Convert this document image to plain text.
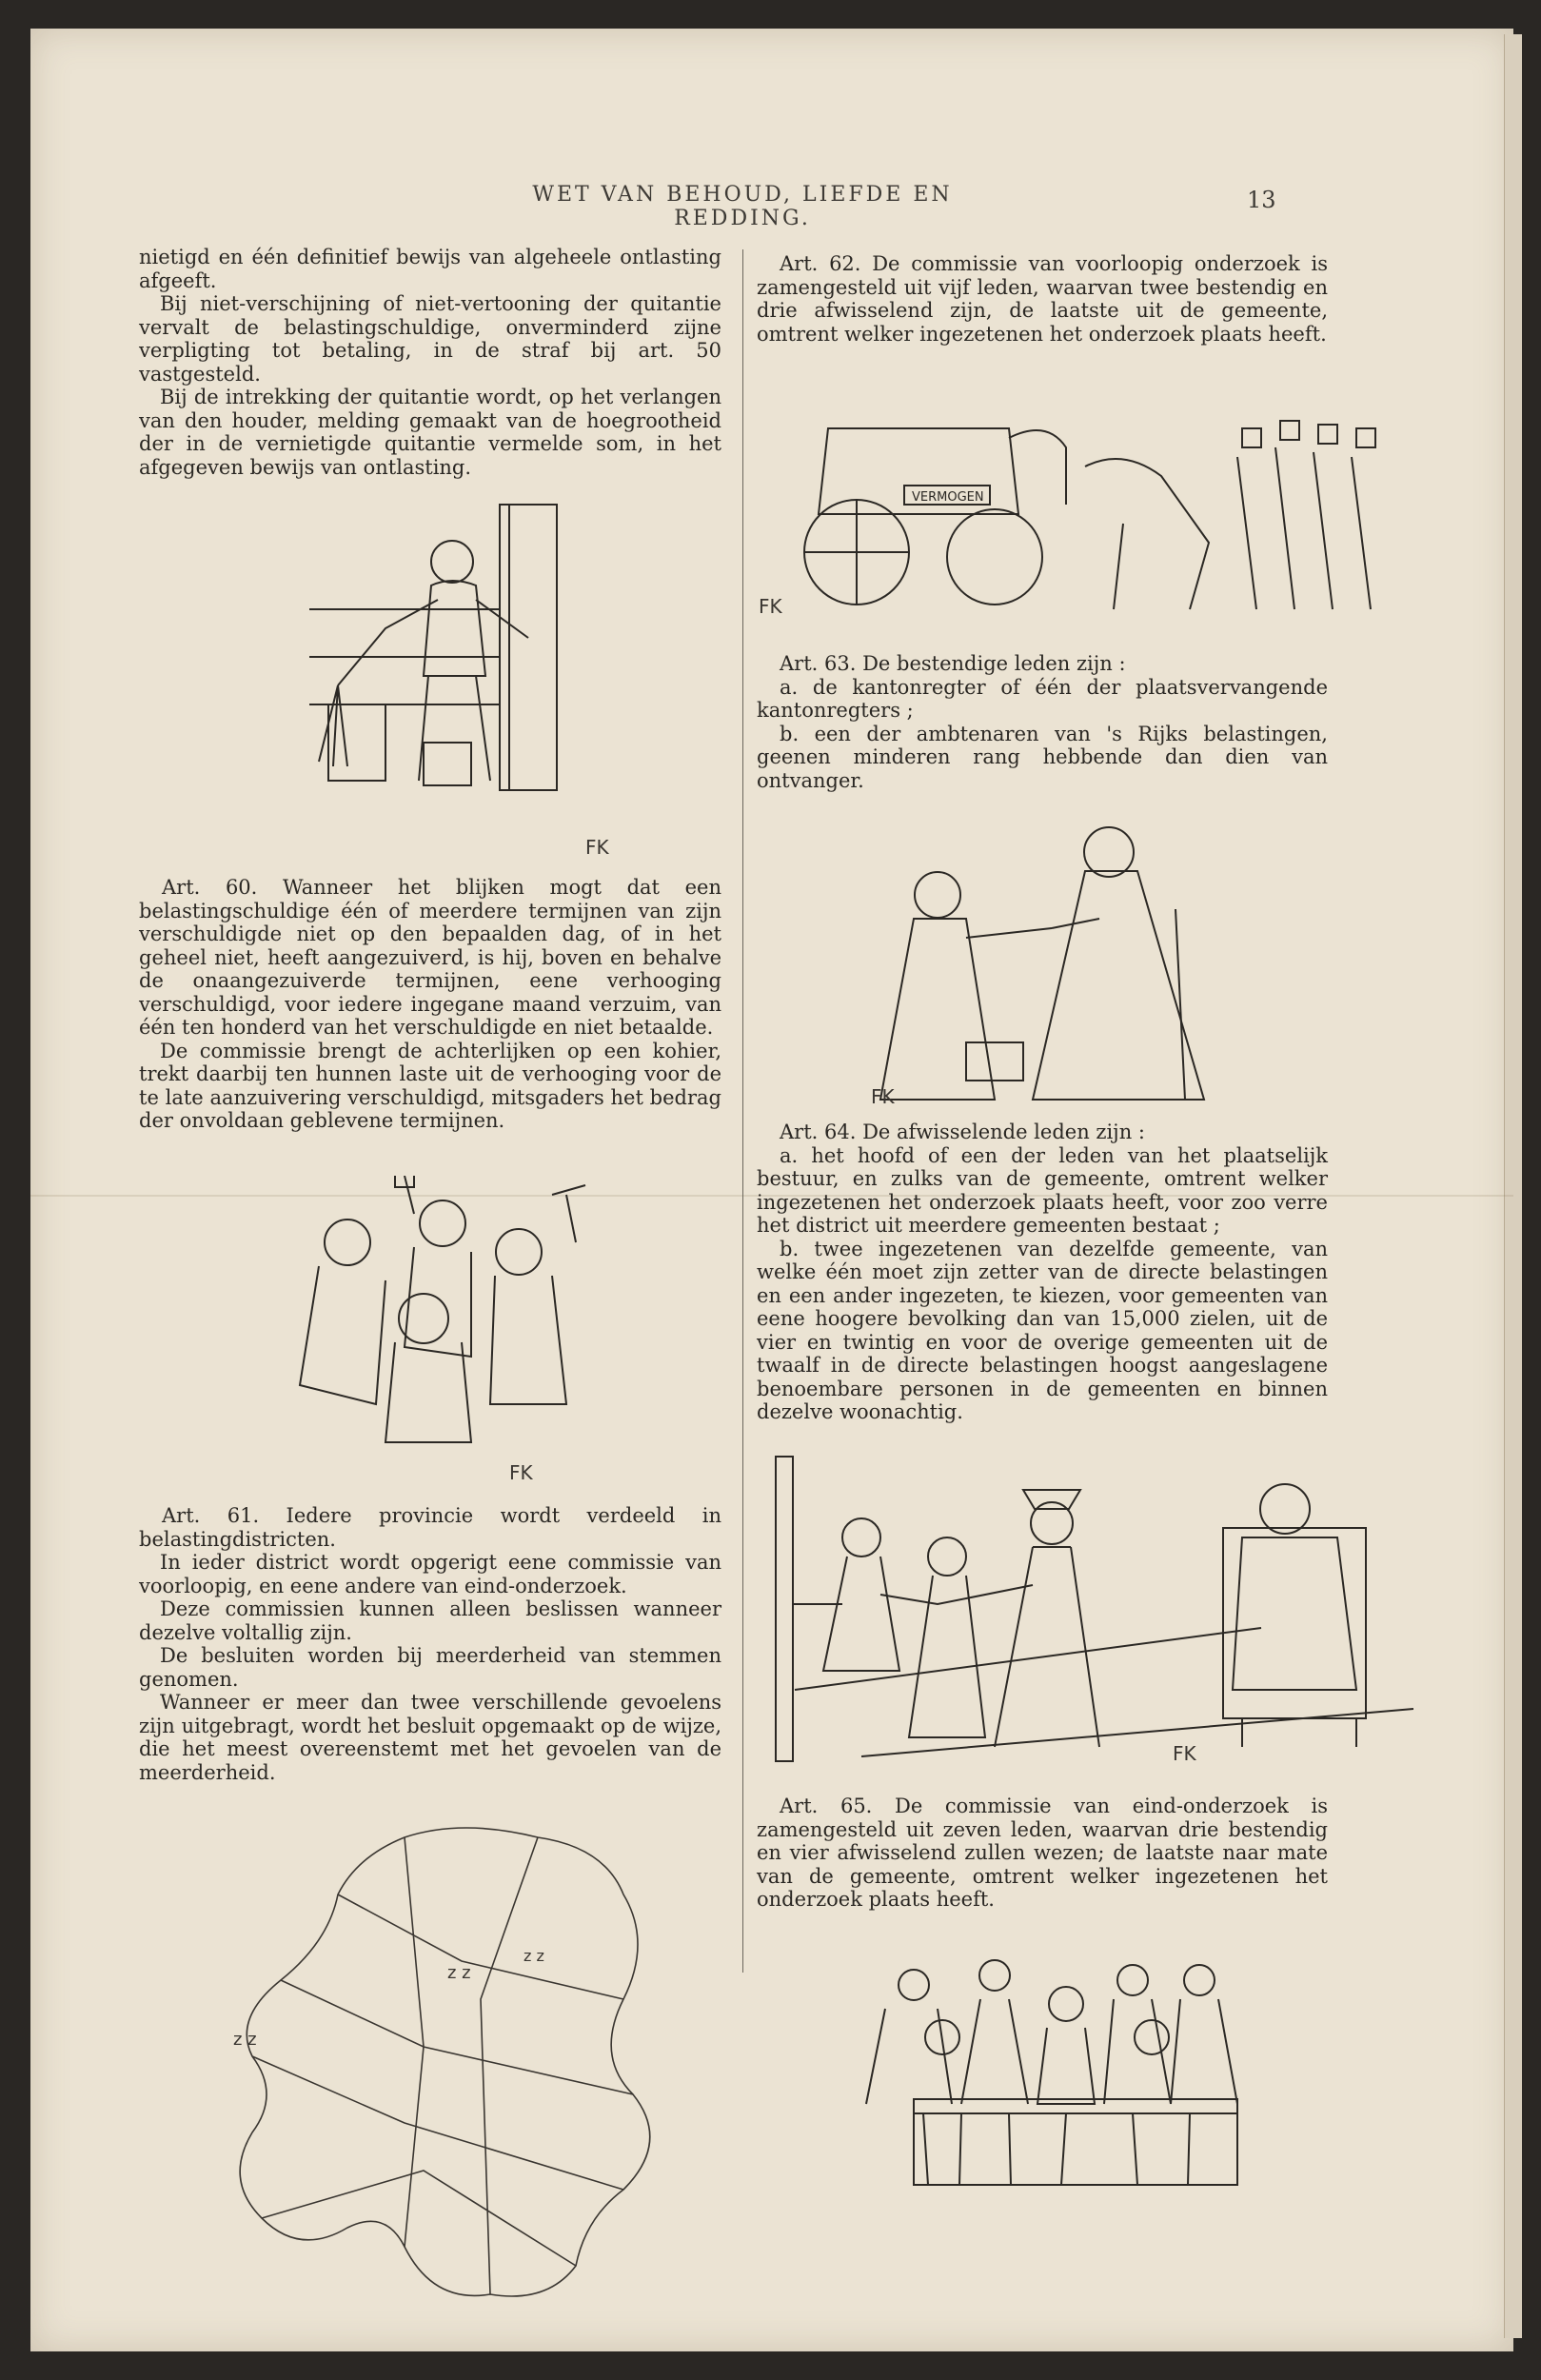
WET VAN BEHOUD, LIEFDE EN REDDING.
13

nietigd en één definitief bewijs van algeheele ontlasting afgeeft.

Bij niet-verschijning of niet-vertooning der quitantie vervalt de belastingschuldige, onverminderd zijne verpligting tot betaling, in de straf bij art. 50 vastgesteld.

Bij de intrekking der quitantie wordt, op het verlangen van den houder, melding gemaakt van de hoegrootheid der in de vernietigde quitantie vermelde som, in het afgegeven bewijs van ontlasting.

FK

Art. 60. Wanneer het blijken mogt dat een belastingschuldige één of meerdere termijnen van zijn verschuldigde niet op den bepaalden dag, of in het geheel niet, heeft aangezuiverd, is hij, boven en behalve de onaangezuiverde termijnen, eene verhooging verschuldigd, voor iedere ingegane maand verzuim, van één ten honderd van het verschuldigde en niet betaalde.

De commissie brengt de achterlijken op een kohier, trekt daarbij ten hunnen laste uit de verhooging voor de te late aanzuivering verschuldigd, mitsgaders het bedrag der onvoldaan geblevene termijnen.

FK

Art. 61. Iedere provincie wordt verdeeld in belastingdistricten.

In ieder district wordt opgerigt eene commissie van voorloopig, en eene andere van eind-onderzoek.

Deze commissien kunnen alleen beslissen wanneer dezelve voltallig zijn.

De besluiten worden bij meerderheid van stemmen genomen.

Wanneer er meer dan twee verschillende gevoelens zijn uitgebragt, wordt het besluit opgemaakt op de wijze, die het meest overeenstemt met het gevoelen van de meerderheid.

z z
z z
z z

Art. 62. De commissie van voorloopig onderzoek is zamengesteld uit vijf leden, waarvan twee bestendig en drie afwisselend zijn, de laatste uit de gemeente, omtrent welker ingezetenen het onderzoek plaats heeft.

VERMOGEN
FK

Art. 63. De bestendige leden zijn :

a. de kantonregter of één der plaatsvervangende kantonregters ;

b. een der ambtenaren van 's Rijks belastingen, geenen minderen rang hebbende dan dien van ontvanger.

FK

Art. 64. De afwisselende leden zijn :

a. het hoofd of een der leden van het plaatselijk bestuur, en zulks van de gemeente, omtrent welker ingezetenen het onderzoek plaats heeft, voor zoo verre het district uit meerdere gemeenten bestaat ;

b. twee ingezetenen van dezelfde gemeente, van welke één moet zijn zetter van de directe belastingen en een ander ingezeten, te kiezen, voor gemeenten van eene hoogere bevolking dan van 15,000 zielen, uit de vier en twintig en voor de overige gemeenten uit de twaalf in de directe belastingen hoogst aangeslagene benoembare personen in de gemeenten en binnen dezelve woonachtig.

FK

Art. 65. De commissie van eind-onderzoek is zamengesteld uit zeven leden, waarvan drie bestendig en vier afwisselend zullen wezen; de laatste naar mate van de gemeente, omtrent welker ingezetenen het onderzoek plaats heeft.
